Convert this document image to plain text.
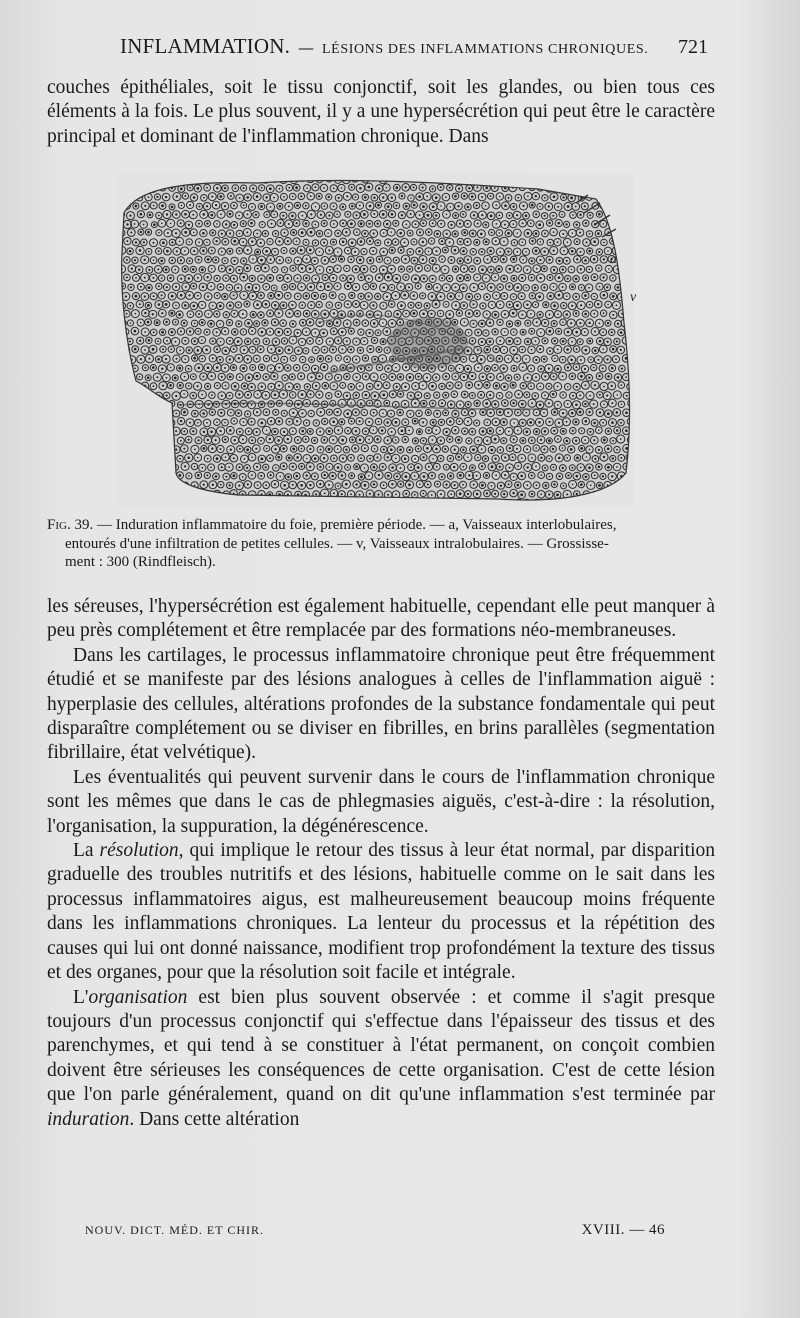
INFLAMMATION. — LÉSIONS DES INFLAMMATIONS CHRONIQUES. 721

couches épithéliales, soit le tissu conjonctif, soit les glandes, ou bien tous ces éléments à la fois. Le plus souvent, il y a une hypersécrétion qui peut être le caractère principal et dominant de l'inflammation chronique. Dans

a
v
Fig. 39. — Induration inflammatoire du foie, première période. — a, Vaisseaux interlobulaires,
entourés d'une infiltration de petites cellules. — v, Vaisseaux intralobulaires. — Grossisse-
ment : 300 (Rindfleisch).

les séreuses, l'hypersécrétion est également habituelle, cependant elle peut manquer à peu près complétement et être remplacée par des formations néo-membraneuses.

Dans les cartilages, le processus inflammatoire chronique peut être fréquemment étudié et se manifeste par des lésions analogues à celles de l'inflammation aiguë : hyperplasie des cellules, altérations profondes de la substance fondamentale qui peut disparaître complétement ou se diviser en fibrilles, en brins parallèles (segmentation fibrillaire, état velvétique).

Les éventualités qui peuvent survenir dans le cours de l'inflammation chronique sont les mêmes que dans le cas de phlegmasies aiguës, c'est-à-dire : la résolution, l'organisation, la suppuration, la dégénérescence.

La résolution, qui implique le retour des tissus à leur état normal, par disparition graduelle des troubles nutritifs et des lésions, habituelle comme on le sait dans les processus inflammatoires aigus, est malheureusement beaucoup moins fréquente dans les inflammations chroniques. La lenteur du processus et la répétition des causes qui lui ont donné naissance, modifient trop profondément la texture des tissus et des organes, pour que la résolution soit facile et intégrale.

L'organisation est bien plus souvent observée : et comme il s'agit presque toujours d'un processus conjonctif qui s'effectue dans l'épaisseur des tissus et des parenchymes, et qui tend à se constituer à l'état permanent, on conçoit combien doivent être sérieuses les conséquences de cette organisation. C'est de cette lésion que l'on parle généralement, quand on dit qu'une inflammation s'est terminée par induration. Dans cette altération

NOUV. DICT. MÉD. ET CHIR.	XVIII. — 46
